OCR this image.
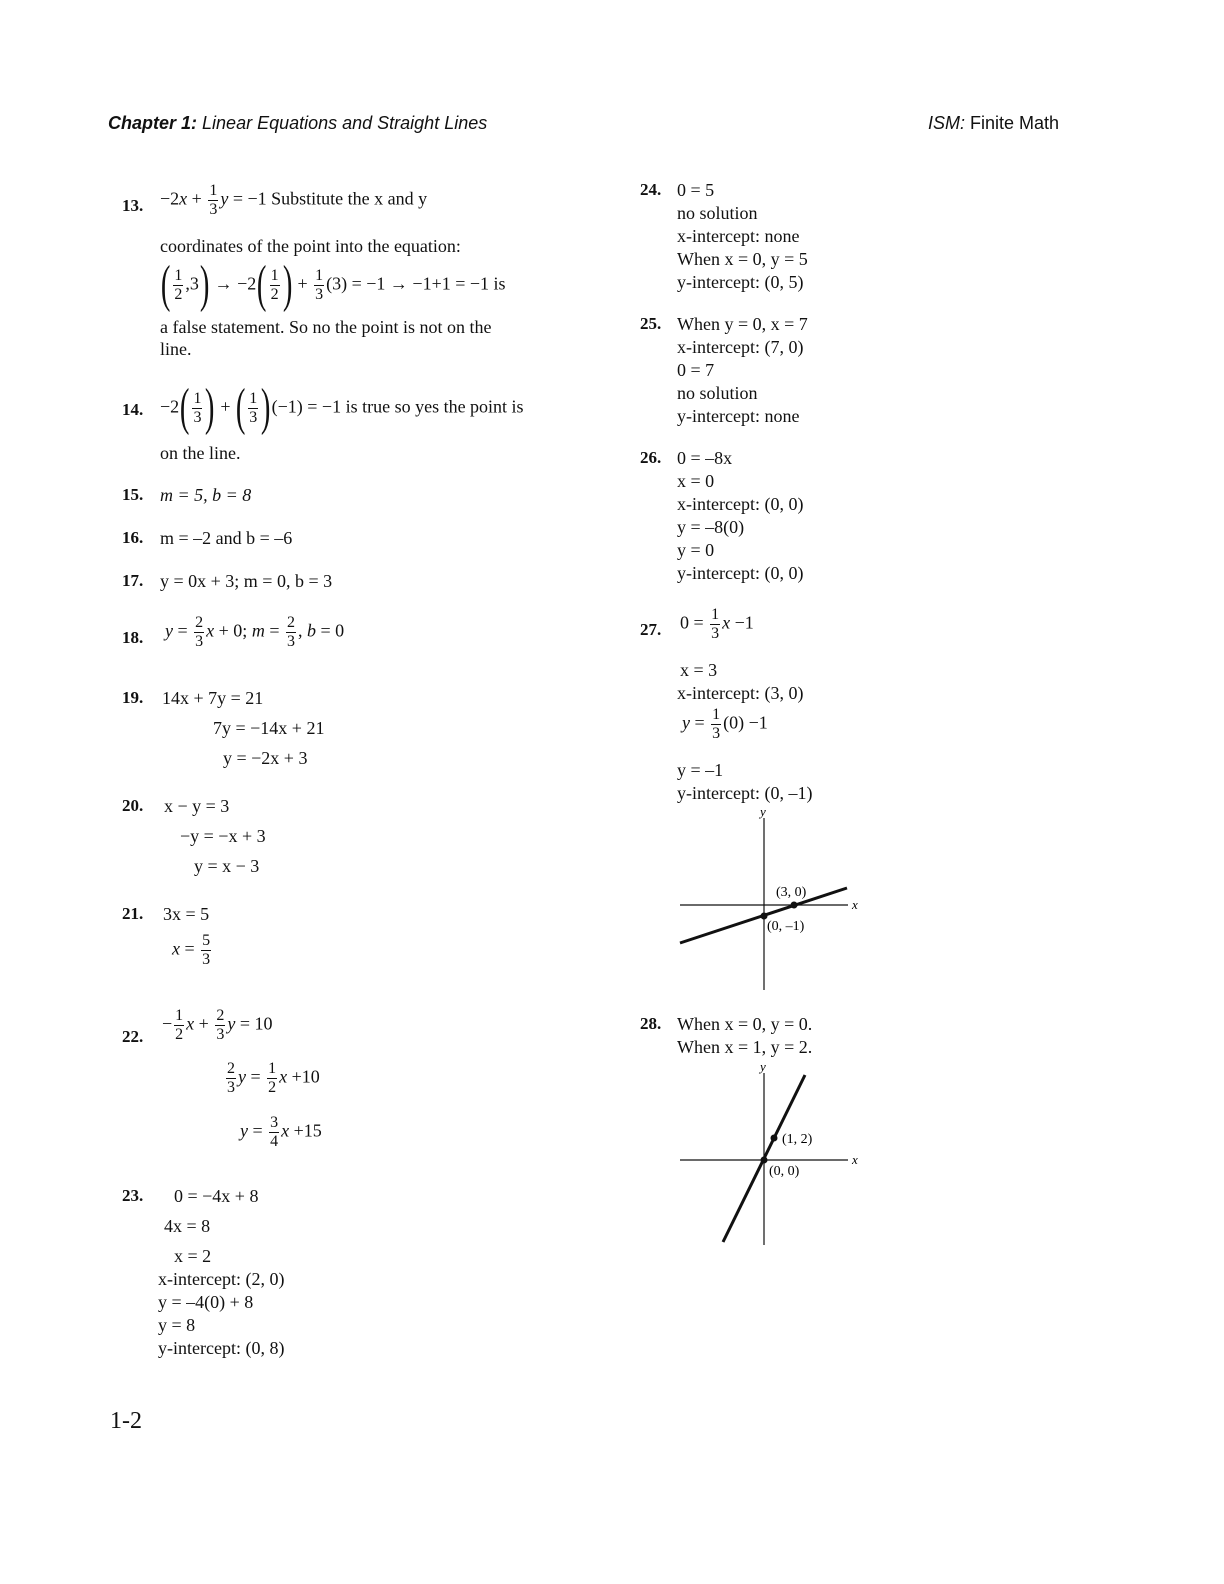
Chapter 1: Linear Equations and Straight Lines	ISM: Finite Math
13. $-2x + \frac{1}{3}$ y = −1 Substitute the x and y
coordinates of the point into the equation:
( $\frac{1}{2} ,3) \to -2( \frac{1}{2}$ ) + $\frac{1}{3} (3) = -1 \to -1+1 = -1$ is
a false statement. So no the point is not on the
line.
14. $-2( \frac{1}{3}$ ) + ( $\frac{1}{3} )(-1) = -1$ is true so yes the point is
on the line.
15. m = 5, b = 8
16. m = –2 and b = –6
17. y = 0x + 3; m = 0, b = 3
18. $y = \frac{2}{3}$ x + 0; $m = \frac{2}{3}$ , b = 0
19. 14x + 7y = 21
7y = −14x + 21
y = −2x + 3
20. x − y = 3
−y = −x + 3
y = x − 3
21. 3x = 5
$x = \frac{5}{3}$
22.
− $\frac{1}{2}$ $x + \frac{2}{3}$ y = 10
$\frac{2}{3}$ $y = \frac{1}{2}$ x +10
$y = \frac{3}{4}$ x +15
23. 0 = −4x + 8
4x = 8
x = 2
x-intercept: (2, 0)
y = –4(0) + 8
y = 8
y-intercept: (0, 8)
1-2
24. 0 = 5
no solution
x-intercept: none
When x = 0, y = 5
y-intercept: (0, 5)
25. When y = 0, x = 7
x-intercept: (7, 0)
0 = 7
no solution
y-intercept: none
26. 0 = –8x
x = 0
x-intercept: (0, 0)
y = –8(0)
y = 0
y-intercept: (0, 0)
27. $0 = \frac{1}{3}$ x −1
x = 3
x-intercept: (3, 0)
$y = \frac{1}{3} (0) -1$
y = –1
y-intercept: (0, –1)
y
x
(3, 0)
(0, –1)
28. When x = 0, y = 0.
When x = 1, y = 2.
y
x
(1, 2)
(0, 0)
